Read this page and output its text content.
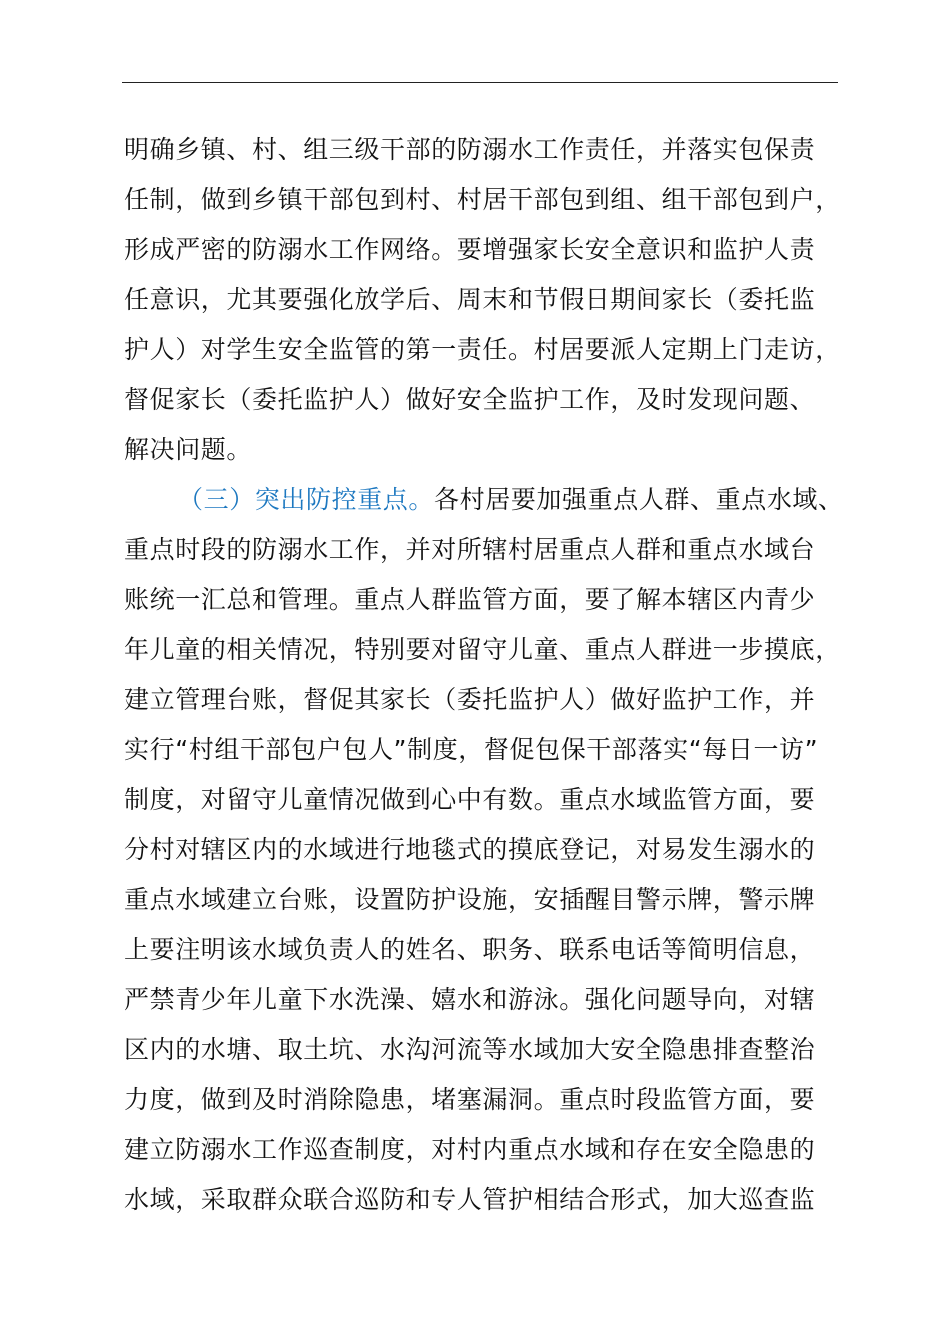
明确乡镇、村、组三级干部的防溺水工作责任，并落实包保责
任制，做到乡镇干部包到村、村居干部包到组、组干部包到户，
形成严密的防溺水工作网络。要增强家长安全意识和监护人责
任意识，尤其要强化放学后、周末和节假日期间家长（委托监
护人）对学生安全监管的第一责任。村居要派人定期上门走访，
督促家长（委托监护人）做好安全监护工作，及时发现问题、
解决问题。
（三）突出防控重点。各村居要加强重点人群、重点水域、
重点时段的防溺水工作，并对所辖村居重点人群和重点水域台
账统一汇总和管理。重点人群监管方面，要了解本辖区内青少
年儿童的相关情况，特别要对留守儿童、重点人群进一步摸底，
建立管理台账，督促其家长（委托监护人）做好监护工作，并
实行“村组干部包户包人”制度，督促包保干部落实“每日一访”
制度，对留守儿童情况做到心中有数。重点水域监管方面，要
分村对辖区内的水域进行地毯式的摸底登记，对易发生溺水的
重点水域建立台账，设置防护设施，安插醒目警示牌，警示牌
上要注明该水域负责人的姓名、职务、联系电话等简明信息，
严禁青少年儿童下水洗澡、嬉水和游泳。强化问题导向，对辖
区内的水塘、取土坑、水沟河流等水域加大安全隐患排查整治
力度，做到及时消除隐患，堵塞漏洞。重点时段监管方面，要
建立防溺水工作巡查制度，对村内重点水域和存在安全隐患的
水域，采取群众联合巡防和专人管护相结合形式，加大巡查监
